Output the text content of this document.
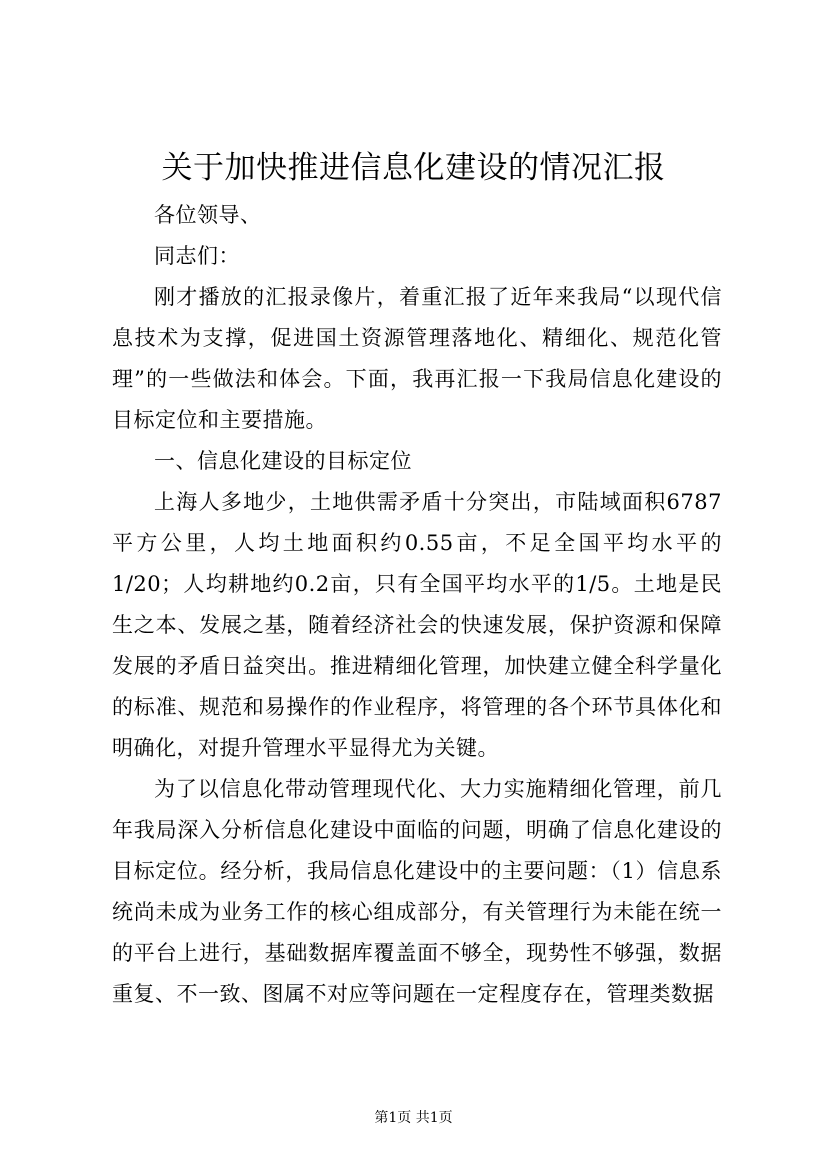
关于加快推进信息化建设的情况汇报

各位领导、

同志们：

刚才播放的汇报录像片，着重汇报了近年来我局“以现代信息技术为支撑，促进国土资源管理落地化、精细化、规范化管理”的一些做法和体会。下面，我再汇报一下我局信息化建设的目标定位和主要措施。

一、信息化建设的目标定位

上海人多地少，土地供需矛盾十分突出，市陆域面积6787平方公里，人均土地面积约0.55亩，不足全国平均水平的1/20；人均耕地约0.2亩，只有全国平均水平的1/5。土地是民生之本、发展之基，随着经济社会的快速发展，保护资源和保障发展的矛盾日益突出。推进精细化管理，加快建立健全科学量化的标准、规范和易操作的作业程序，将管理的各个环节具体化和明确化，对提升管理水平显得尤为关键。

为了以信息化带动管理现代化、大力实施精细化管理，前几年我局深入分析信息化建设中面临的问题，明确了信息化建设的目标定位。经分析，我局信息化建设中的主要问题：（1）信息系统尚未成为业务工作的核心组成部分，有关管理行为未能在统一的平台上进行，基础数据库覆盖面不够全，现势性不够强，数据重复、不一致、图属不对应等问题在一定程度存在，管理类数据

第1页 共1页
